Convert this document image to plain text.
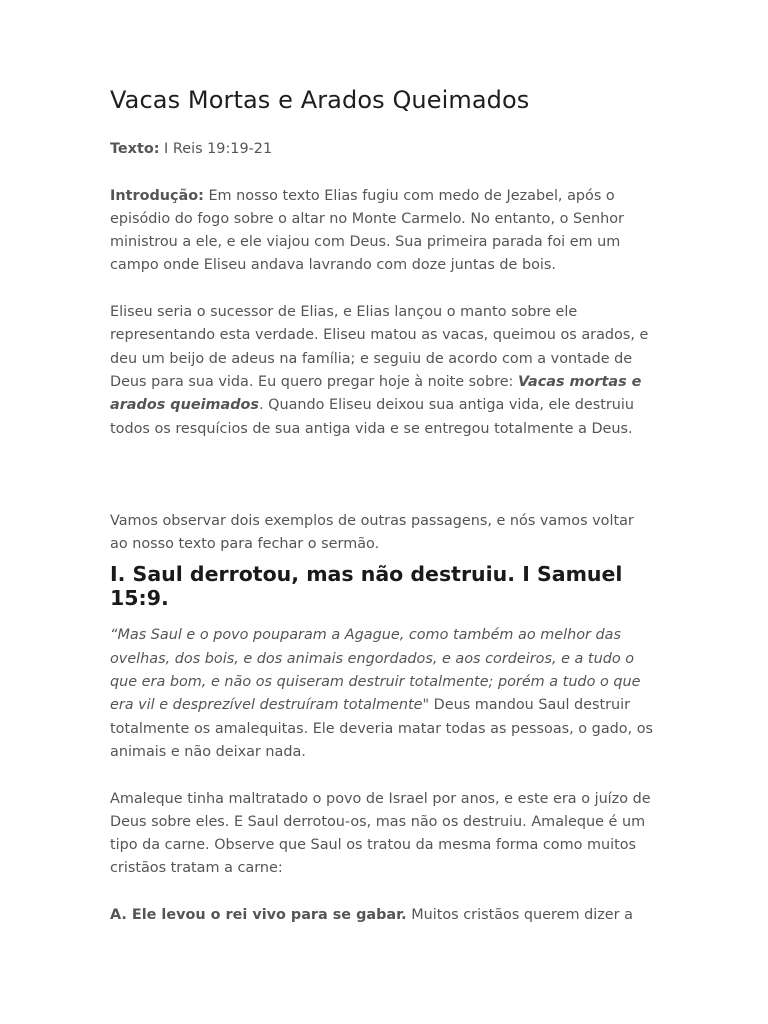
Vacas Mortas e Arados Queimados

Texto: I Reis 19:19-21

Introdução: Em nosso texto Elias fugiu com medo de Jezabel, após o episódio do fogo sobre o altar no Monte Carmelo. No entanto, o Senhor ministrou a ele, e ele viajou com Deus. Sua primeira parada foi em um campo onde Eliseu andava lavrando com doze juntas de bois.

Eliseu seria o sucessor de Elias, e Elias lançou o manto sobre ele representando esta verdade. Eliseu matou as vacas, queimou os arados, e deu um beijo de adeus na família; e seguiu de acordo com a vontade de Deus para sua vida. Eu quero pregar hoje à noite sobre: Vacas mortas e arados queimados. Quando Eliseu deixou sua antiga vida, ele destruiu todos os resquícios de sua antiga vida e se entregou totalmente a Deus.

Vamos observar dois exemplos de outras passagens, e nós vamos voltar ao nosso texto para fechar o sermão.

I. Saul derrotou, mas não destruiu. I Samuel 15:9.

“Mas Saul e o povo pouparam a Agague, como também ao melhor das ovelhas, dos bois, e dos animais engordados, e aos cordeiros, e a tudo o que era bom, e não os quiseram destruir totalmente; porém a tudo o que era vil e desprezível destruíram totalmente" Deus mandou Saul destruir totalmente os amalequitas. Ele deveria matar todas as pessoas, o gado, os animais e não deixar nada.

Amaleque tinha maltratado o povo de Israel por anos, e este era o juízo de Deus sobre eles. E Saul derrotou-os, mas não os destruiu. Amaleque é um tipo da carne. Observe que Saul os tratou da mesma forma como muitos cristãos tratam a carne:

A. Ele levou o rei vivo para se gabar. Muitos cristãos querem dizer a
